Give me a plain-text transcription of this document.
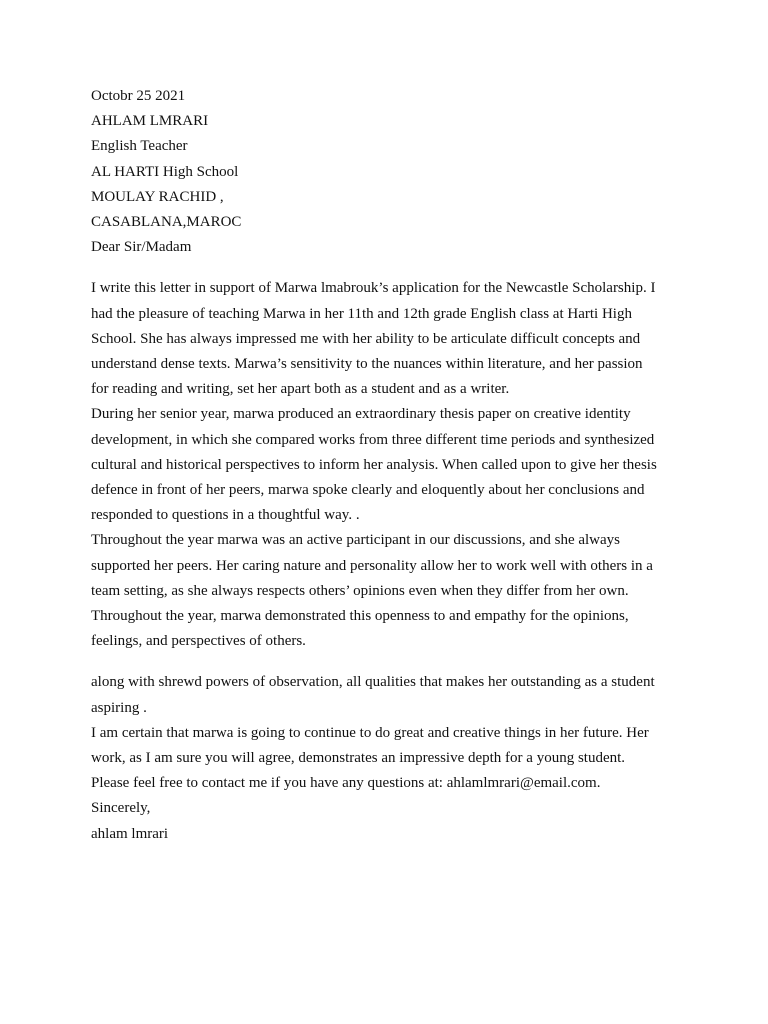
Octobr 25 2021
AHLAM LMRARI
English Teacher
AL HARTI High School
MOULAY RACHID ,
CASABLANA,MAROC
Dear Sir/Madam
I write this letter in support of Marwa lmabrouk’s application for the Newcastle Scholarship. I
had the pleasure of teaching Marwa in her 11th and 12th grade English class at Harti High
School. She has always impressed me with her ability to be articulate difficult concepts and
understand dense texts. Marwa’s sensitivity to the nuances within literature, and her passion
for reading and writing, set her apart both as a student and as a writer.
During her senior year, marwa produced an extraordinary thesis paper on creative identity
development, in which she compared works from three different time periods and synthesized
cultural and historical perspectives to inform her analysis. When called upon to give her thesis
defence in front of her peers, marwa spoke clearly and eloquently about her conclusions and
responded to questions in a thoughtful way. .
Throughout the year marwa was an active participant in our discussions, and she always
supported her peers. Her caring nature and personality allow her to work well with others in a
team setting, as she always respects others’ opinions even when they differ from her own.
Throughout the year, marwa demonstrated this openness to and empathy for the opinions,
feelings, and perspectives of others.
along with shrewd powers of observation, all qualities that makes her outstanding as a student
aspiring .
I am certain that marwa is going to continue to do great and creative things in her future. Her
work, as I am sure you will agree, demonstrates an impressive depth for a young student.
Please feel free to contact me if you have any questions at: ahlamlmrari@email.com.
Sincerely,
ahlam lmrari
